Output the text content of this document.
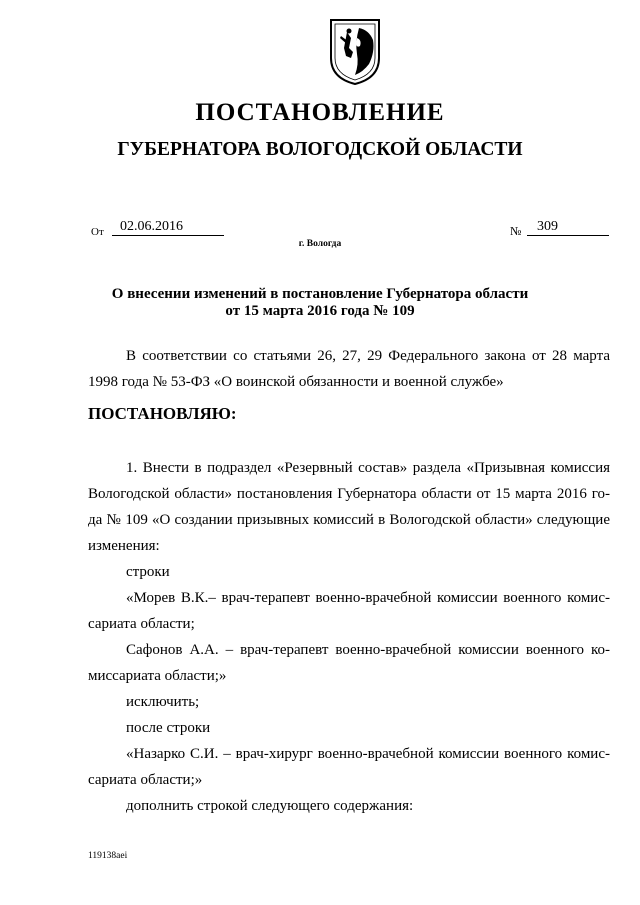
ПОСТАНОВЛЕНИЕ
ГУБЕРНАТОРА ВОЛОГОДСКОЙ ОБЛАСТИ
От	02.06.2016	№	309
г. Вологда
О внесении изменений в постановление Губернатора области
от 15 марта 2016 года № 109
В соответствии со статьями 26, 27, 29 Федерального закона от 28 марта
1998 года № 53-ФЗ «О воинской обязанности и военной службе»
ПОСТАНОВЛЯЮ:
1. Внести в подраздел «Резервный состав» раздела «Призывная комиссия
Вологодской области» постановления Губернатора области от 15 марта 2016 го-
да № 109 «О создании призывных комиссий в Вологодской области» следующие
изменения:
строки
«Морев В.К.– врач-терапевт военно-врачебной комиссии военного комис-
сариата области;
Сафонов А.А. – врач-терапевт военно-врачебной комиссии военного ко-
миссариата области;»
исключить;
после строки
«Назарко С.И. – врач-хирург военно-врачебной комиссии военного комис-
сариата области;»
дополнить строкой следующего содержания:
119138aei
